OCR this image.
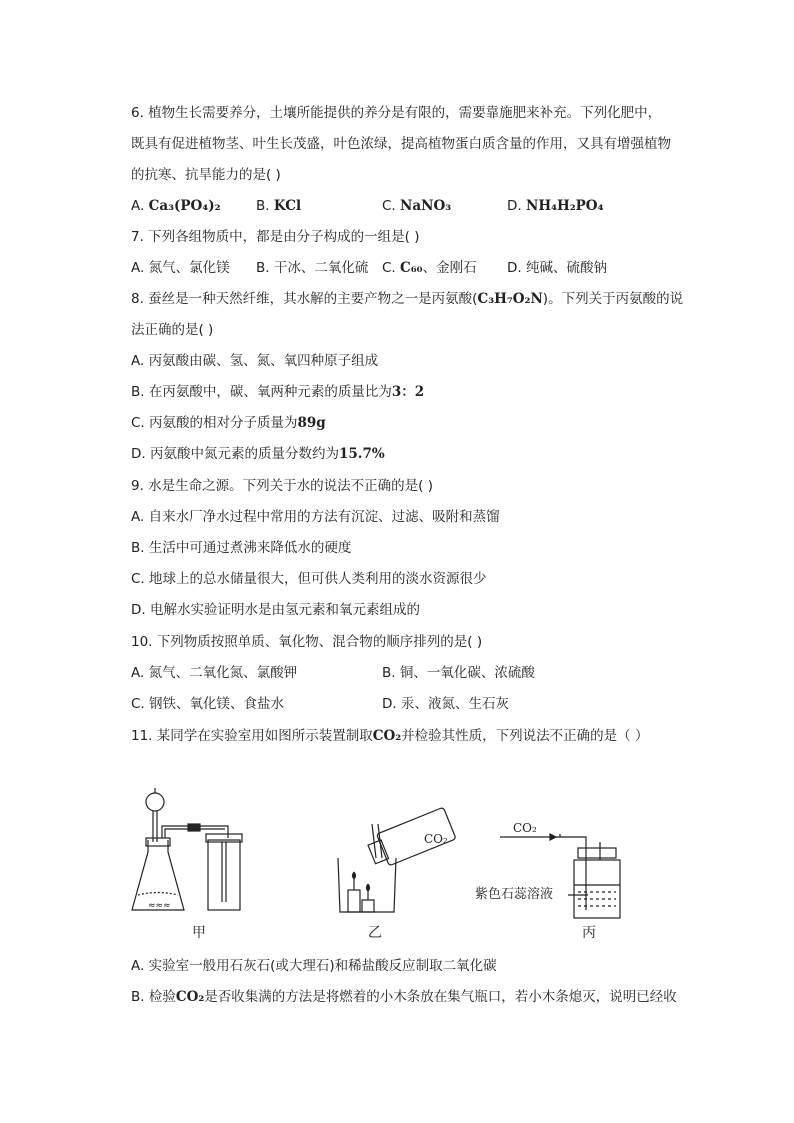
6. 植物生长需要养分，土壤所能提供的养分是有限的，需要靠施肥来补充。下列化肥中，
既具有促进植物茎、叶生长茂盛，叶色浓绿，提高植物蛋白质含量的作用，又具有增强植物
的抗寒、抗旱能力的是( )
A. Ca₃(PO₄)₂	B. KCl	C. NaNO₃	D. NH₄H₂PO₄
7. 下列各组物质中，都是由分子构成的一组是( )
A. 氮气、氯化镁 B. 干冰、二氧化硫 C. C₆₀、金刚石 D. 纯碱、硫酸钠
8. 蚕丝是一种天然纤维，其水解的主要产物之一是丙氨酸(C₃H₇O₂N)。下列关于丙氨酸的说
法正确的是( )
A. 丙氨酸由碳、氢、氮、氧四种原子组成
B. 在丙氨酸中，碳、氧两种元素的质量比为3：2
C. 丙氨酸的相对分子质量为89g
D. 丙氨酸中氮元素的质量分数约为15.7%
9. 水是生命之源。下列关于水的说法不正确的是( )
A. 自来水厂净水过程中常用的方法有沉淀、过滤、吸附和蒸馏
B. 生活中可通过煮沸来降低水的硬度
C. 地球上的总水储量很大，但可供人类利用的淡水资源很少
D. 电解水实验证明水是由氢元素和氧元素组成的
10. 下列物质按照单质、氧化物、混合物的顺序排列的是( )
A. 氮气、二氧化氮、氯酸钾	B. 铜、一氧化碳、浓硫酸
C. 钢铁、氧化镁、食盐水	D. 汞、液氮、生石灰
11. 某同学在实验室用如图所示装置制取CO₂并检验其性质，下列说法不正确的是（ ）
≈≈≈
CO₂
CO₂
紫色石蕊溶液
甲	乙	丙
A. 实验室一般用石灰石(或大理石)和稀盐酸反应制取二氧化碳
B. 检验CO₂是否收集满的方法是将燃着的小木条放在集气瓶口，若小木条熄灭，说明已经收
